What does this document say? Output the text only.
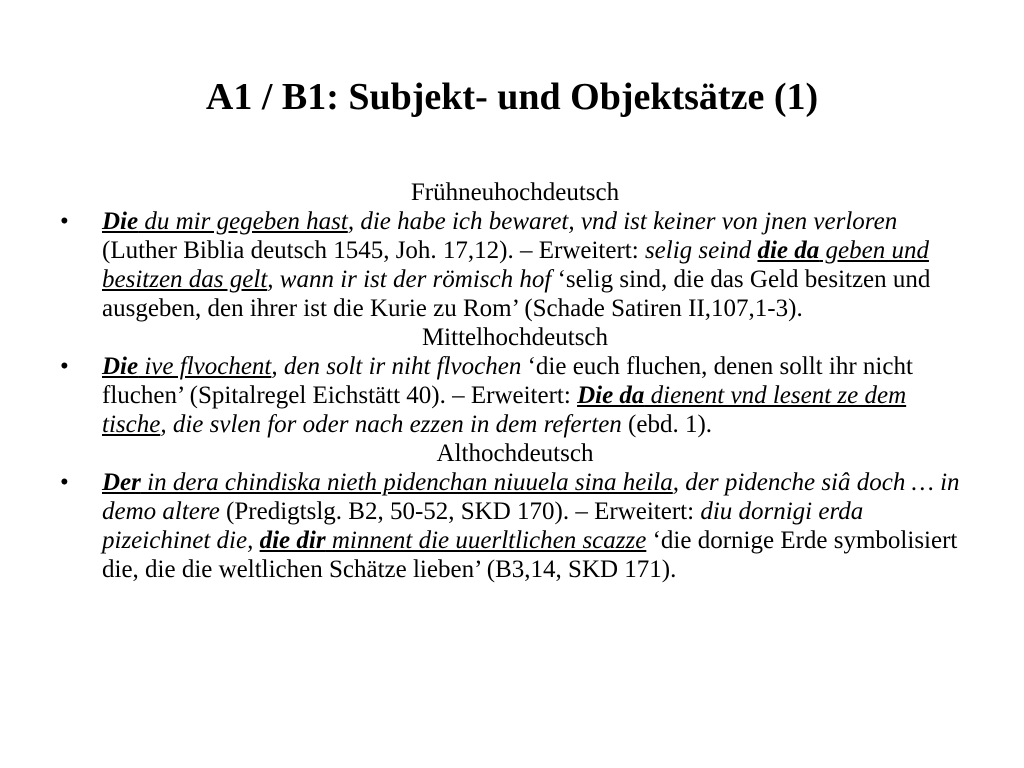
A1 / B1: Subjekt- und Objektsätze (1)
Frühneuhochdeutsch
• Die du mir gegeben hast, die habe ich bewaret, vnd ist keiner von jnen verloren (Luther Biblia deutsch 1545, Joh. 17,12). – Erweitert: selig seind die da geben und besitzen das gelt, wann ir ist der römisch hof ‘selig sind, die das Geld besitzen und ausgeben, den ihrer ist die Kurie zu Rom’ (Schade Satiren II,107,1-3).
Mittelhochdeutsch
• Die ive flvochent, den solt ir niht flvochen ‘die euch fluchen, denen sollt ihr nicht fluchen’ (Spitalregel Eichstätt 40). – Erweitert: Die da dienent vnd lesent ze dem tische, die svlen for oder nach ezzen in dem referten (ebd. 1).
Althochdeutsch
• Der in dera chindiska nieth pidenchan niuuela sina heila, der pidenche siâ doch … in demo altere (Predigtslg. B2, 50-52, SKD 170). – Erweitert: diu dornigi erda pizeichinet die, die dir minnent die uuerltlichen scazze ‘die dornige Erde symbolisiert die, die die weltlichen Schätze lieben’ (B3,14, SKD 171).
